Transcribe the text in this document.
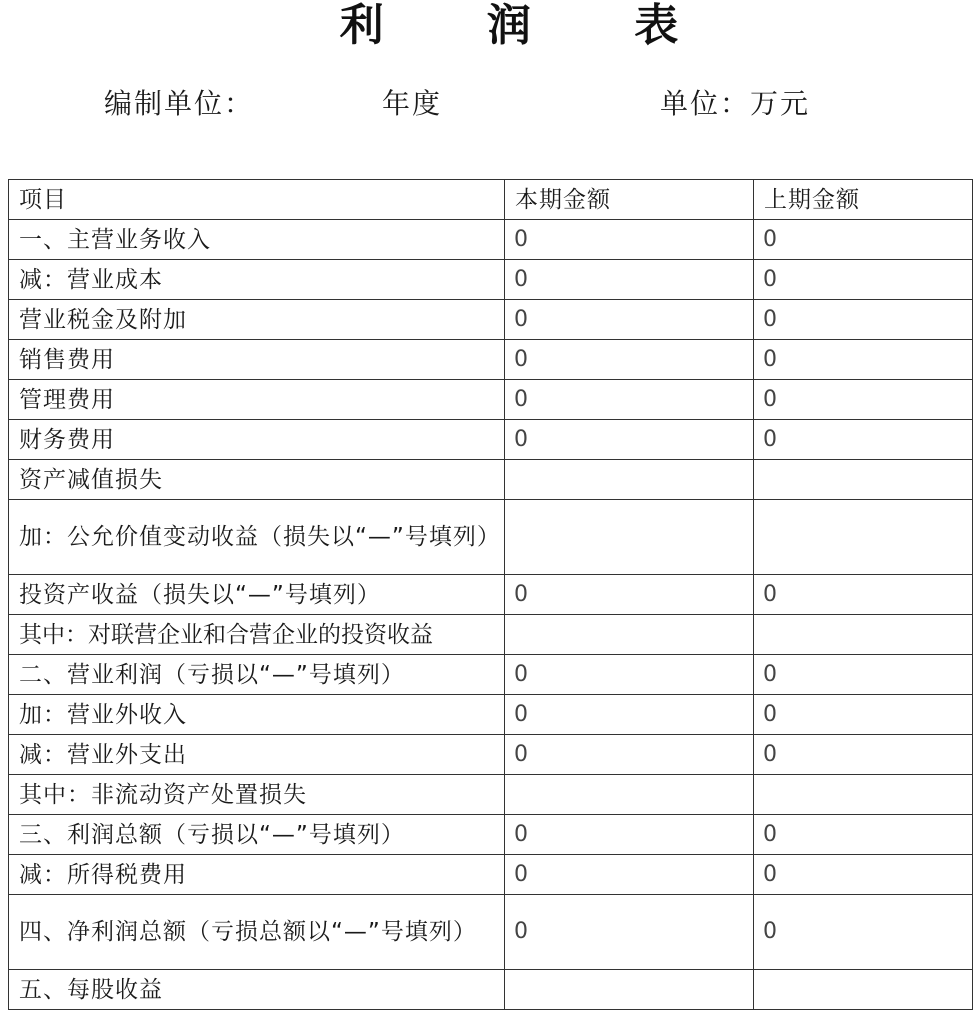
利 润 表
编制单位：	年度	单位：万元
项目	本期金额	上期金额
一、主营业务收入	0	0
减：营业成本	0	0
营业税金及附加	0	0
销售费用	0	0
管理费用	0	0
财务费用	0	0
资产减值损失		
加：公允价值变动收益（损失以“—”号填列）		
投资产收益（损失以“—”号填列）	0	0
其中：对联营企业和合营企业的投资收益		
二、营业利润（亏损以“—”号填列）	0	0
加：营业外收入	0	0
减：营业外支出	0	0
其中：非流动资产处置损失		
三、利润总额（亏损以“—”号填列）	0	0
减：所得税费用	0	0
四、净利润总额（亏损总额以“—”号填列）	0	0
五、每股收益		
